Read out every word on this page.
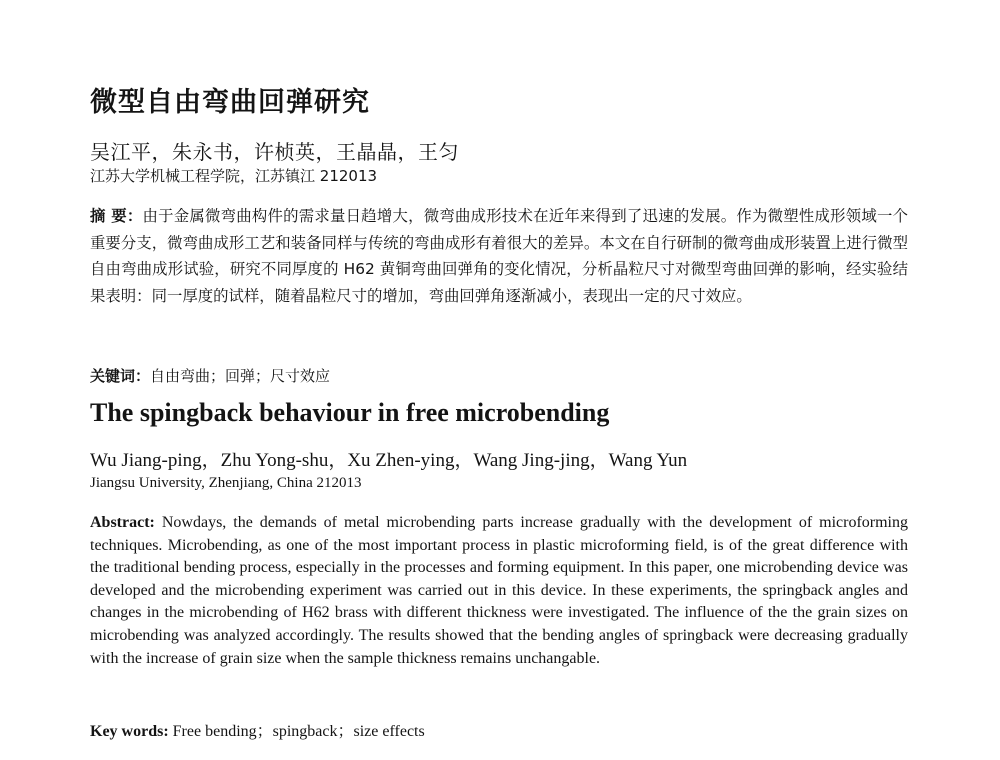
微型自由弯曲回弹研究
吴江平，朱永书，许桢英，王晶晶，王匀
江苏大学机械工程学院，江苏镇江 212013
摘 要：由于金属微弯曲构件的需求量日趋增大，微弯曲成形技术在近年来得到了迅速的发展。作为微塑性成形领域一个重要分支，微弯曲成形工艺和装备同样与传统的弯曲成形有着很大的差异。本文在自行研制的微弯曲成形装置上进行微型自由弯曲成形试验，研究不同厚度的 H62 黄铜弯曲回弹角的变化情况，分析晶粒尺寸对微型弯曲回弹的影响，经实验结果表明：同一厚度的试样，随着晶粒尺寸的增加，弯曲回弹角逐渐减小，表现出一定的尺寸效应。
关键词：自由弯曲；回弹；尺寸效应
The spingback behaviour in free microbending
Wu Jiang-ping，Zhu Yong-shu，Xu Zhen-ying，Wang Jing-jing，Wang Yun
Jiangsu University, Zhenjiang, China 212013
Abstract: Nowdays, the demands of metal microbending parts increase gradually with the development of microforming techniques. Microbending, as one of the most important process in plastic microforming field, is of the great difference with the traditional bending process, especially in the processes and forming equipment. In this paper, one microbending device was developed and the microbending experiment was carried out in this device. In these experiments, the springback angles and changes in the microbending of H62 brass with different thickness were investigated. The influence of the the grain sizes on microbending was analyzed accordingly. The results showed that the bending angles of springback were decreasing gradually with the increase of grain size when the sample thickness remains unchangable.
Key words: Free bending；spingback；size effects
